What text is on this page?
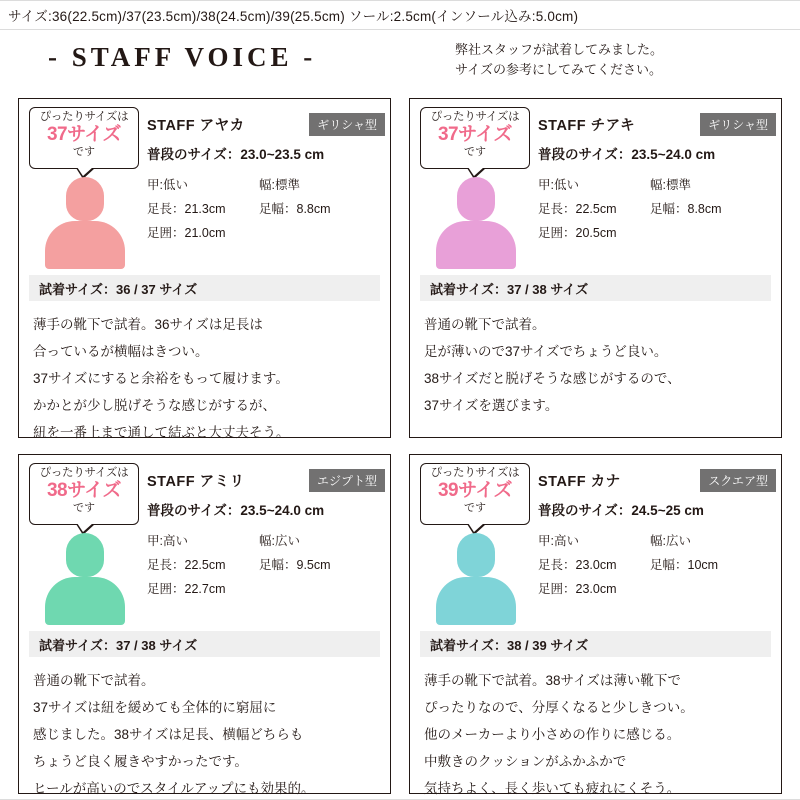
サイズ:36(22.5cm)/37(23.5cm)/38(24.5cm)/39(25.5cm) ソール:2.5cm(インソール込み:5.0cm)
- STAFF VOICE -	弊社スタッフが試着してみました。
サイズの参考にしてみてください。
ぴったりサイズは
37サイズ
です
STAFF アヤカ	ギリシャ型
普段のサイズ：23.0~23.5 cm
甲:低い	幅:標準
足長：21.3cm	足幅：8.8cm
足囲：21.0cm
試着サイズ：36 / 37 サイズ
薄手の靴下で試着。36サイズは足長は
合っているが横幅はきつい。
37サイズにすると余裕をもって履けます。
かかとが少し脱げそうな感じがするが、
紐を一番上まで通して結ぶと大丈夫そう。
ぴったりサイズは
37サイズ
です
STAFF チアキ	ギリシャ型
普段のサイズ：23.5~24.0 cm
甲:低い	幅:標準
足長：22.5cm	足幅：8.8cm
足囲：20.5cm
試着サイズ：37 / 38 サイズ
普通の靴下で試着。
足が薄いので37サイズでちょうど良い。
38サイズだと脱げそうな感じがするので、
37サイズを選びます。
ぴったりサイズは
38サイズ
です
STAFF アミリ	エジプト型
普段のサイズ：23.5~24.0 cm
甲:高い	幅:広い
足長：22.5cm	足幅：9.5cm
足囲：22.7cm
試着サイズ：37 / 38 サイズ
普通の靴下で試着。
37サイズは紐を緩めても全体的に窮屈に
感じました。38サイズは足長、横幅どちらも
ちょうど良く履きやすかったです。
ヒールが高いのでスタイルアップにも効果的。
ぴったりサイズは
39サイズ
です
STAFF カナ	スクエア型
普段のサイズ：24.5~25 cm
甲:高い	幅:広い
足長：23.0cm	足幅：10cm
足囲：23.0cm
試着サイズ：38 / 39 サイズ
薄手の靴下で試着。38サイズは薄い靴下で
ぴったりなので、分厚くなると少しきつい。
他のメーカーより小さめの作りに感じる。
中敷きのクッションがふかふかで
気持ちよく、長く歩いても疲れにくそう。
